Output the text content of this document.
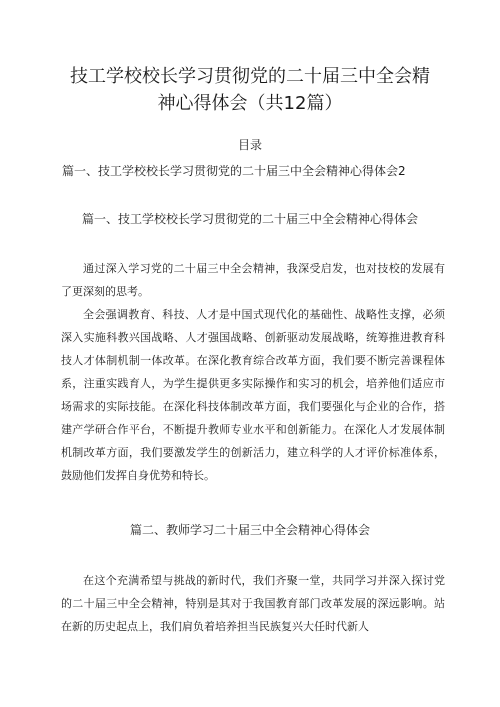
技工学校校长学习贯彻党的二十届三中全会精
神心得体会（共12篇）
目录
篇一、技工学校校长学习贯彻党的二十届三中全会精神心得体会2
篇一、技工学校校长学习贯彻党的二十届三中全会精神心得体会

通过深入学习党的二十届三中全会精神，我深受启发，也对技校的发展有了更深刻的思考。

全会强调教育、科技、人才是中国式现代化的基础性、战略性支撑，必须深入实施科教兴国战略、人才强国战略、创新驱动发展战略，统筹推进教育科技人才体制机制一体改革。在深化教育综合改革方面，我们要不断完善课程体系，注重实践育人，为学生提供更多实际操作和实习的机会，培养他们适应市场需求的实际技能。在深化科技体制改革方面，我们要强化与企业的合作，搭建产学研合作平台，不断提升教师专业水平和创新能力。在深化人才发展体制机制改革方面，我们要激发学生的创新活力，建立科学的人才评价标准体系，鼓励他们发挥自身优势和特长。

篇二、教师学习二十届三中全会精神心得体会

在这个充满希望与挑战的新时代，我们齐聚一堂，共同学习并深入探讨党的二十届三中全会精神，特别是其对于我国教育部门改革发展的深远影响。站在新的历史起点上，我们肩负着培养担当民族复兴大任时代新人
